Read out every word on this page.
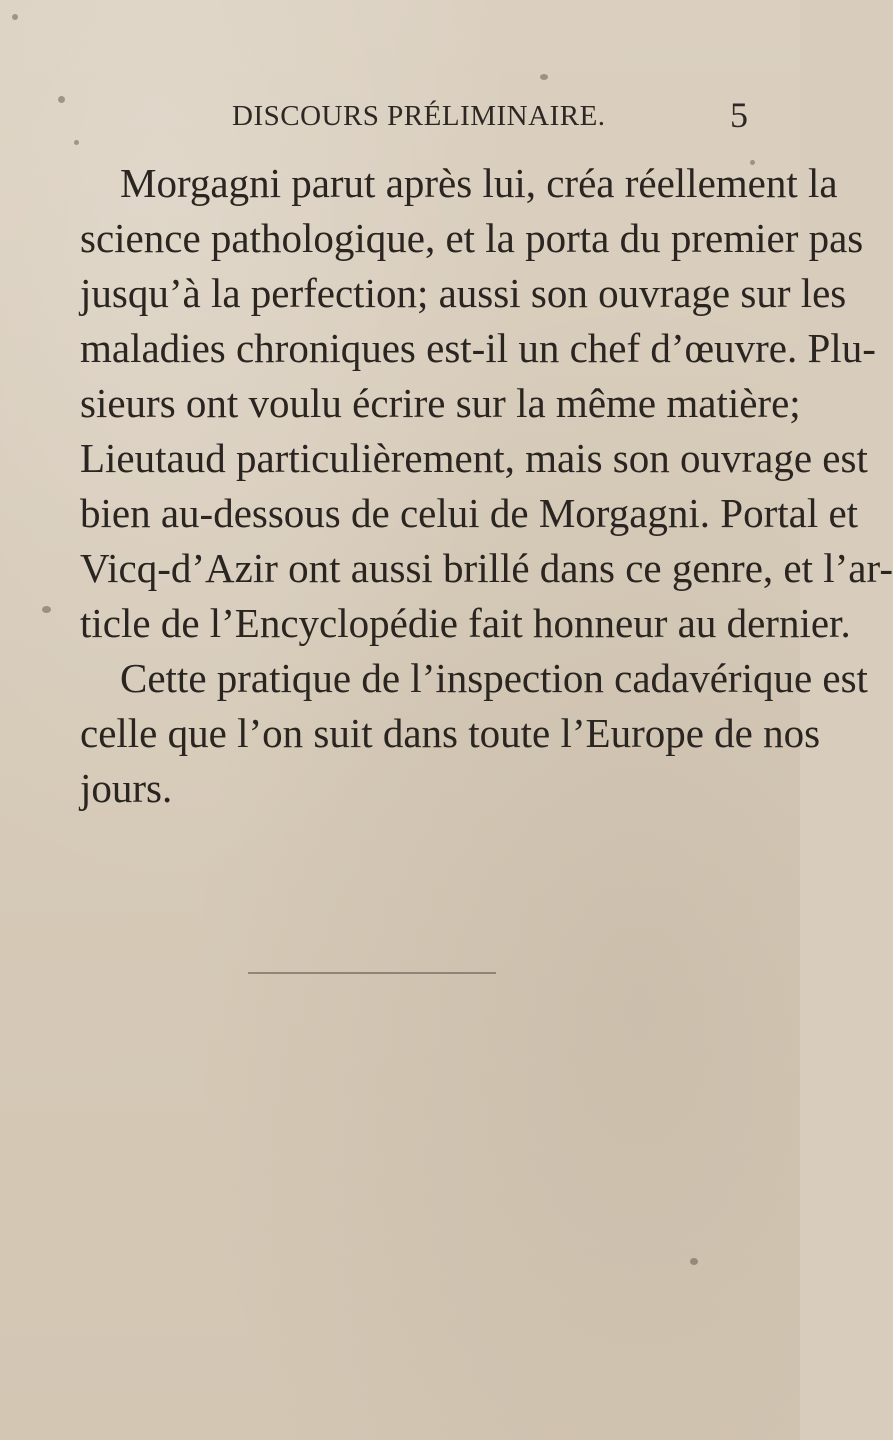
DISCOURS PRÉLIMINAIRE.	5
Morgagni parut après lui, créa réellement la
science pathologique, et la porta du premier pas
jusqu’à la perfection; aussi son ouvrage sur les
maladies chroniques est-il un chef d’œuvre. Plu-
sieurs ont voulu écrire sur la même matière;
Lieutaud particulièrement, mais son ouvrage est
bien au-dessous de celui de Morgagni. Portal et
Vicq-d’Azir ont aussi brillé dans ce genre, et l’ar-
ticle de l’Encyclopédie fait honneur au dernier.
Cette pratique de l’inspection cadavérique est
celle que l’on suit dans toute l’Europe de nos
jours.
